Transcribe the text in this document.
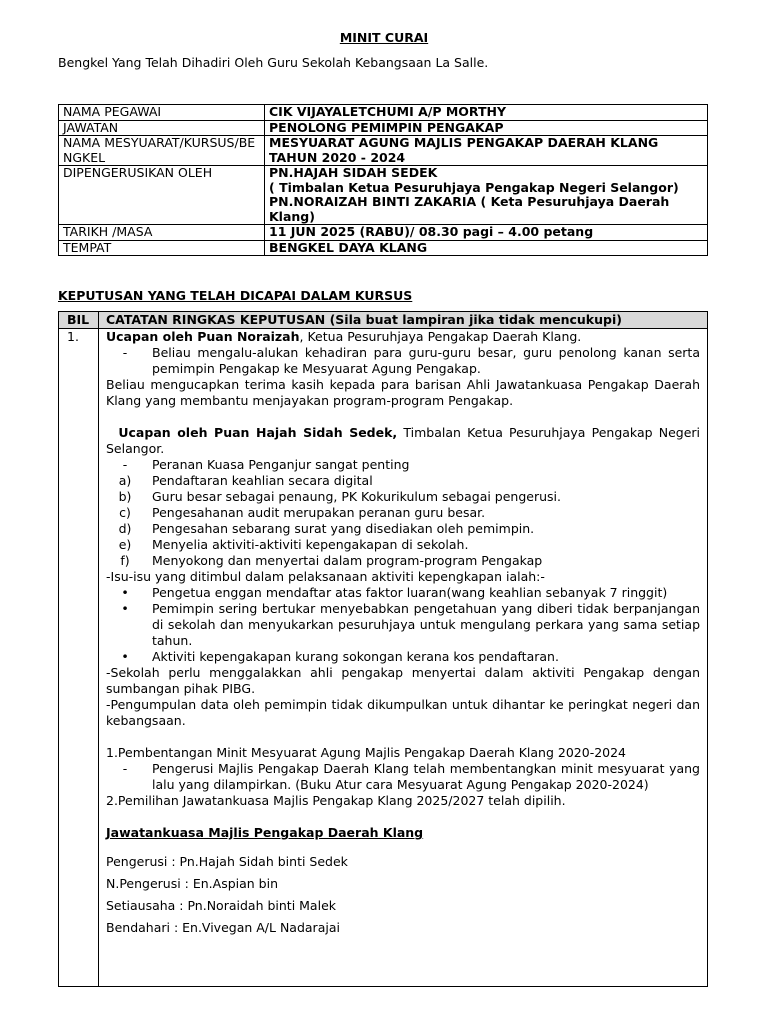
MINIT CURAI
Bengkel Yang Telah Dihadiri Oleh Guru Sekolah Kebangsaan La Salle.
NAMA PEGAWAI	CIK VIJAYALETCHUMI A/P MORTHY
JAWATAN	PENOLONG PEMIMPIN PENGAKAP
NAMA MESYUARAT/KURSUS/BENGKEL	MESYUARAT AGUNG MAJLIS PENGAKAP DAERAH KLANG TAHUN 2020 - 2024
DIPENGERUSIKAN OLEH	PN.HAJAH SIDAH SEDEK
( Timbalan Ketua Pesuruhjaya Pengakap Negeri Selangor)
PN.NORAIZAH BINTI ZAKARIA ( Keta Pesuruhjaya Daerah Klang)

TARIKH /MASA	11 JUN 2025 (RABU)/ 08.30 pagi – 4.00 petang
TEMPAT	BENGKEL DAYA KLANG
KEPUTUSAN YANG TELAH DICAPAI DALAM KURSUS
BIL CATATAN RINGKAS KEPUTUSAN (Sila buat lampiran jika tidak mencukupi)
1. Ucapan oleh Puan Noraizah, Ketua Pesuruhjaya Pengakap Daerah Klang.

-	Beliau mengalu-alukan kehadiran para guru-guru besar, guru penolong kanan serta pemimpin Pengakap ke Mesyuarat Agung Pengakap.

Beliau mengucapkan terima kasih kepada para barisan Ahli Jawatankuasa Pengakap Daerah Klang yang membantu menjayakan program-program Pengakap.

Ucapan oleh Puan Hajah Sidah Sedek, Timbalan Ketua Pesuruhjaya Pengakap Negeri Selangor.

-	Peranan Kuasa Penganjur sangat penting
a)	Pendaftaran keahlian secara digital
b)	Guru besar sebagai penaung, PK Kokurikulum sebagai pengerusi.
c)	Pengesahanan audit merupakan peranan guru besar.
d)	Pengesahan sebarang surat yang disediakan oleh pemimpin.
e)	Menyelia aktiviti-aktiviti kepengakapan di sekolah.
f)	Menyokong dan menyertai dalam program-program Pengakap

-Isu-isu yang ditimbul dalam pelaksanaan aktiviti kepengkapan ialah:-

•	Pengetua enggan mendaftar atas faktor luaran(wang keahlian sebanyak 7 ringgit)
•	Pemimpin sering bertukar menyebabkan pengetahuan yang diberi tidak berpanjangan di sekolah dan menyukarkan pesuruhjaya untuk mengulang perkara yang sama setiap tahun.
•	Aktiviti kepengakapan kurang sokongan kerana kos pendaftaran.

-Sekolah perlu menggalakkan ahli pengakap menyertai dalam aktiviti Pengakap dengan sumbangan pihak PIBG.

-Pengumpulan data oleh pemimpin tidak dikumpulkan untuk dihantar ke peringkat negeri dan kebangsaan.

1.Pembentangan Minit Mesyuarat Agung Majlis Pengakap Daerah Klang 2020-2024

-	Pengerusi Majlis Pengakap Daerah Klang telah membentangkan minit mesyuarat yang lalu yang dilampirkan. (Buku Atur cara Mesyuarat Agung Pengakap 2020-2024)

2.Pemilihan Jawatankuasa Majlis Pengakap Klang 2025/2027 telah dipilih.

Jawatankuasa Majlis Pengakap Daerah Klang

Pengerusi : Pn.Hajah Sidah binti Sedek

N.Pengerusi : En.Aspian bin

Setiausaha : Pn.Noraidah binti Malek

Bendahari : En.Vivegan A/L Nadarajai
